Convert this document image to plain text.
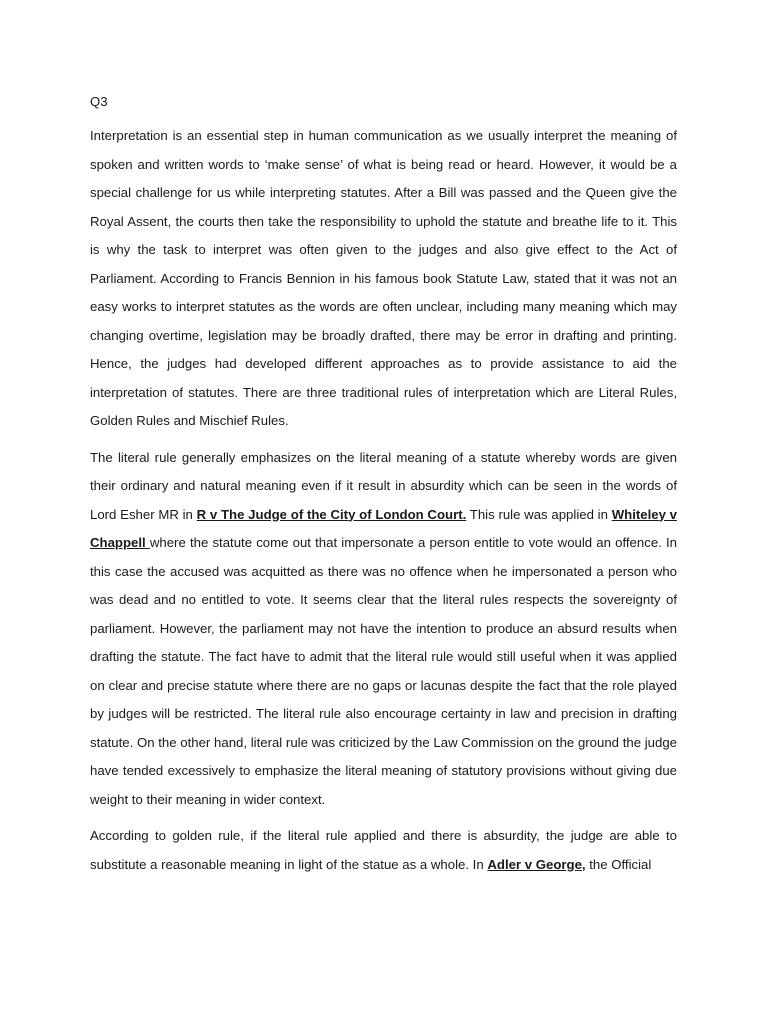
Q3

Interpretation is an essential step in human communication as we usually interpret the meaning of spoken and written words to ‘make sense’ of what is being read or heard. However, it would be a special challenge for us while interpreting statutes. After a Bill was passed and the Queen give the Royal Assent, the courts then take the responsibility to uphold the statute and breathe life to it. This is why the task to interpret was often given to the judges and also give effect to the Act of Parliament. According to Francis Bennion in his famous book Statute Law, stated that it was not an easy works to interpret statutes as the words are often unclear, including many meaning which may changing overtime, legislation may be broadly drafted, there may be error in drafting and printing. Hence, the judges had developed different approaches as to provide assistance to aid the interpretation of statutes. There are three traditional rules of interpretation which are Literal Rules, Golden Rules and Mischief Rules.

The literal rule generally emphasizes on the literal meaning of a statute whereby words are given their ordinary and natural meaning even if it result in absurdity which can be seen in the words of Lord Esher MR in R v The Judge of the City of London Court. This rule was applied in Whiteley v Chappell where the statute come out that impersonate a person entitle to vote would an offence. In this case the accused was acquitted as there was no offence when he impersonated a person who was dead and no entitled to vote. It seems clear that the literal rules respects the sovereignty of parliament. However, the parliament may not have the intention to produce an absurd results when drafting the statute. The fact have to admit that the literal rule would still useful when it was applied on clear and precise statute where there are no gaps or lacunas despite the fact that the role played by judges will be restricted. The literal rule also encourage certainty in law and precision in drafting statute. On the other hand, literal rule was criticized by the Law Commission on the ground the judge have tended excessively to emphasize the literal meaning of statutory provisions without giving due weight to their meaning in wider context.

According to golden rule, if the literal rule applied and there is absurdity, the judge are able to substitute a reasonable meaning in light of the statue as a whole. In Adler v George, the Official
